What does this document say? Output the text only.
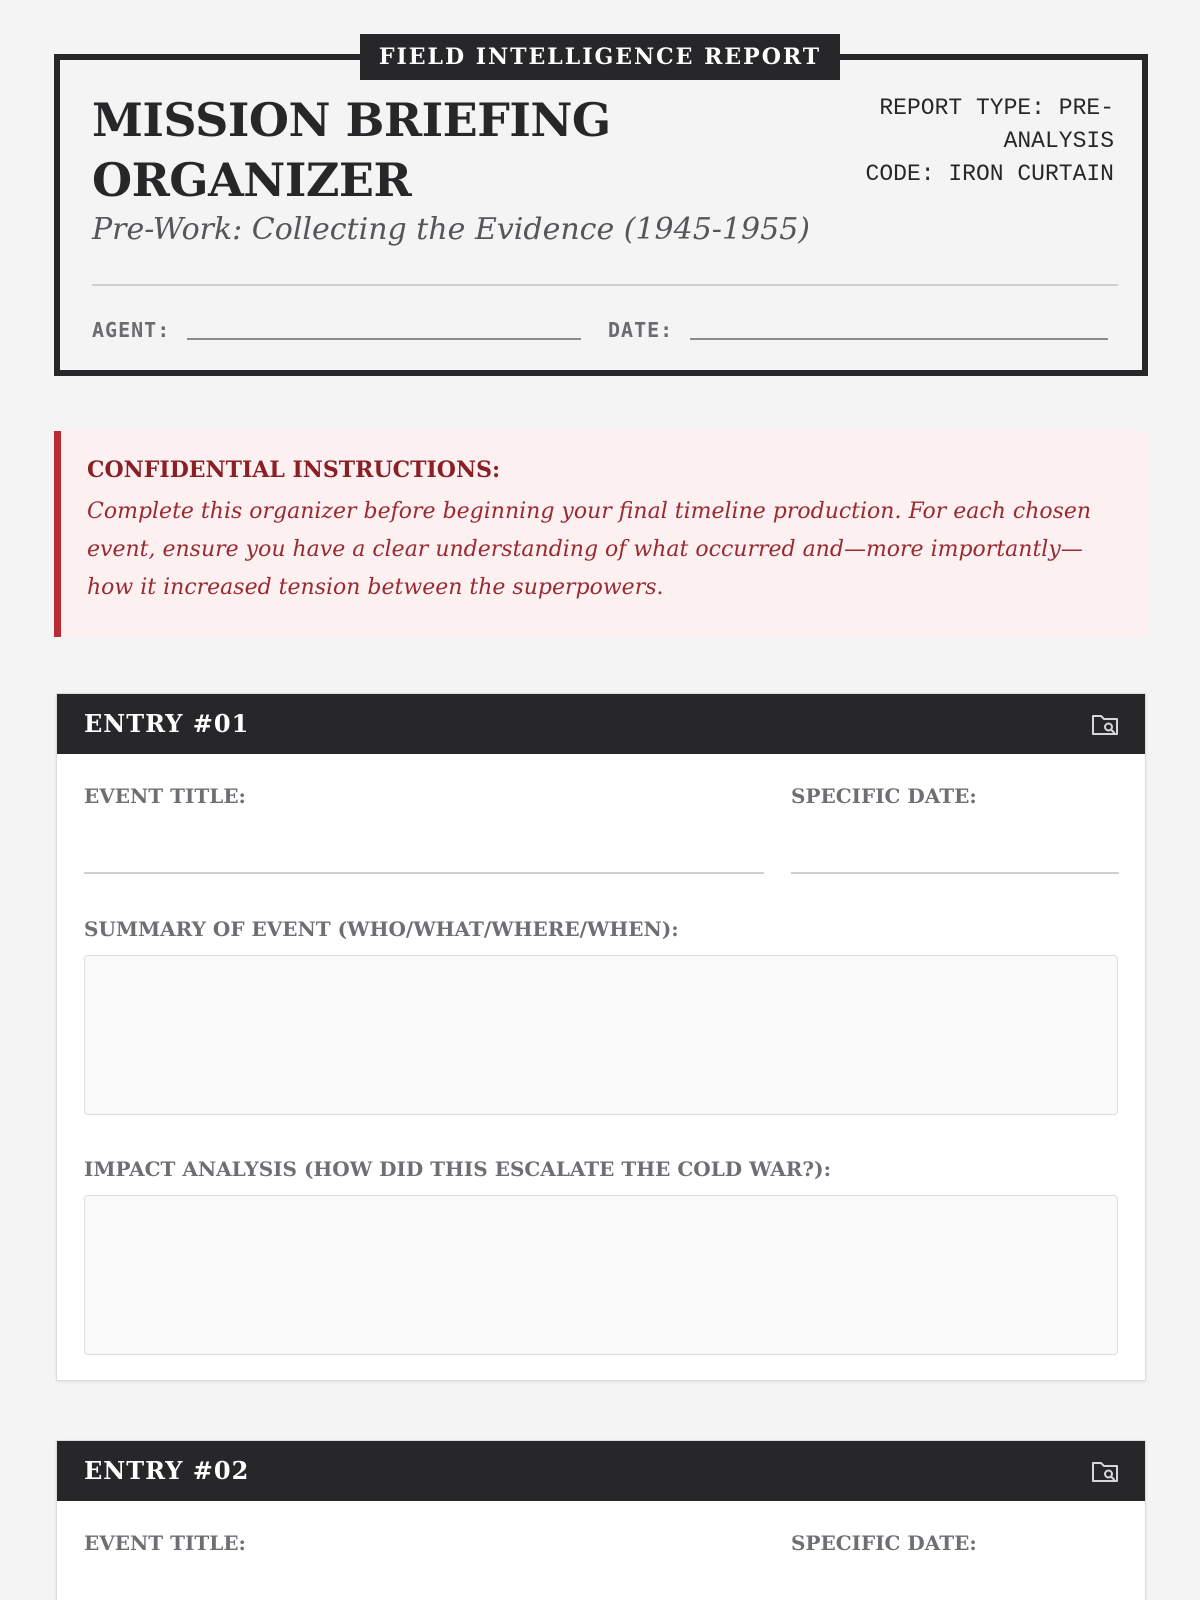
FIELD INTELLIGENCE REPORT
MISSION BRIEFING ORGANIZER
Pre-Work: Collecting the Evidence (1945-1955)
REPORT TYPE: PRE-ANALYSIS
CODE: IRON CURTAIN
AGENT:	DATE:
CONFIDENTIAL INSTRUCTIONS:
Complete this organizer before beginning your final timeline production. For each chosen event, ensure you have a clear understanding of what occurred and—more importantly—how it increased tension between the superpowers.
ENTRY #01
EVENT TITLE:	SPECIFIC DATE:
SUMMARY OF EVENT (WHO/WHAT/WHERE/WHEN):
IMPACT ANALYSIS (HOW DID THIS ESCALATE THE COLD WAR?):
ENTRY #02
EVENT TITLE:	SPECIFIC DATE:
